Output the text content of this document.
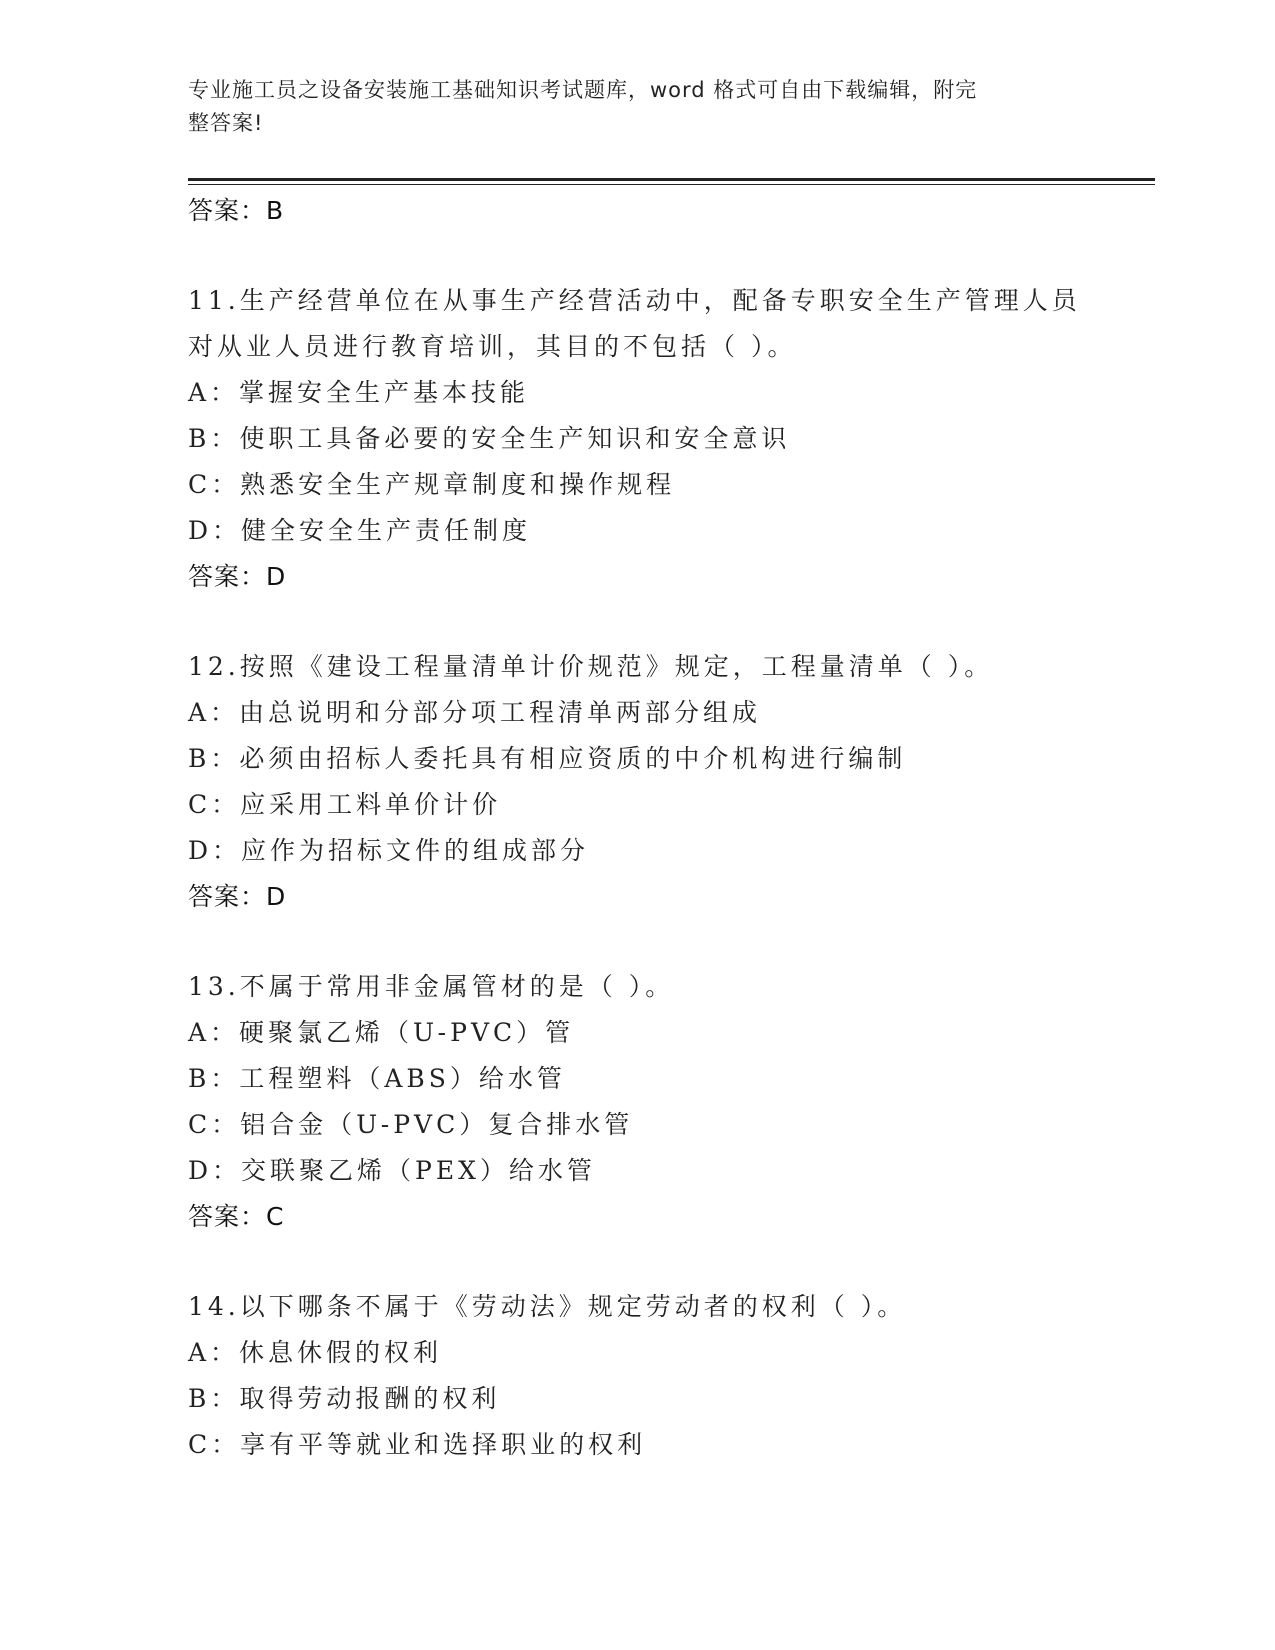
专业施工员之设备安装施工基础知识考试题库，word 格式可自由下载编辑，附完
整答案!
答案：B
11.生产经营单位在从事生产经营活动中，配备专职安全生产管理人员
对从业人员进行教育培训，其目的不包括（ ）。
A：掌握安全生产基本技能
B：使职工具备必要的安全生产知识和安全意识
C：熟悉安全生产规章制度和操作规程
D：健全安全生产责任制度
答案：D
12.按照《建设工程量清单计价规范》规定，工程量清单（ ）。
A：由总说明和分部分项工程清单两部分组成
B：必须由招标人委托具有相应资质的中介机构进行编制
C：应采用工料单价计价
D：应作为招标文件的组成部分
答案：D
13.不属于常用非金属管材的是（ ）。
A：硬聚氯乙烯（U-PVC）管
B：工程塑料（ABS）给水管
C：铝合金（U-PVC）复合排水管
D：交联聚乙烯（PEX）给水管
答案：C
14.以下哪条不属于《劳动法》规定劳动者的权利（ ）。
A：休息休假的权利
B：取得劳动报酬的权利
C：享有平等就业和选择职业的权利
